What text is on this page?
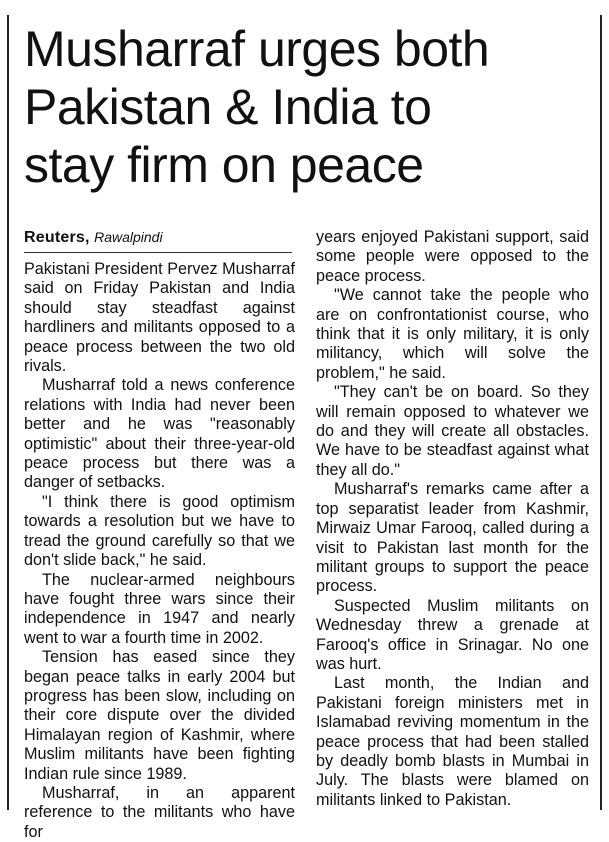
Musharraf urges both
Pakistan & India to
stay firm on peace
Reuters, Rawalpindi

Pakistani President Pervez Musharraf said on Friday Pakistan and India should stay steadfast against hardliners and militants opposed to a peace process between the two old rivals.

Musharraf told a news conference relations with India had never been better and he was "reasonably optimistic" about their three-year-old peace process but there was a danger of setbacks.

"I think there is good optimism towards a resolution but we have to tread the ground carefully so that we don't slide back," he said.

The nuclear-armed neighbours have fought three wars since their independence in 1947 and nearly went to war a fourth time in 2002.

Tension has eased since they began peace talks in early 2004 but progress has been slow, including on their core dispute over the divided Himalayan region of Kashmir, where Muslim militants have been fighting Indian rule since 1989.

Musharraf, in an apparent reference to the militants who have for

years enjoyed Pakistani support, said some people were opposed to the peace process.

"We cannot take the people who are on confrontationist course, who think that it is only military, it is only militancy, which will solve the problem," he said.

"They can't be on board. So they will remain opposed to whatever we do and they will create all obstacles. We have to be steadfast against what they all do."

Musharraf's remarks came after a top separatist leader from Kashmir, Mirwaiz Umar Farooq, called during a visit to Pakistan last month for the militant groups to support the peace process.

Suspected Muslim militants on Wednesday threw a grenade at Farooq's office in Srinagar. No one was hurt.

Last month, the Indian and Pakistani foreign ministers met in Islamabad reviving momentum in the peace process that had been stalled by deadly bomb blasts in Mumbai in July. The blasts were blamed on militants linked to Pakistan.
